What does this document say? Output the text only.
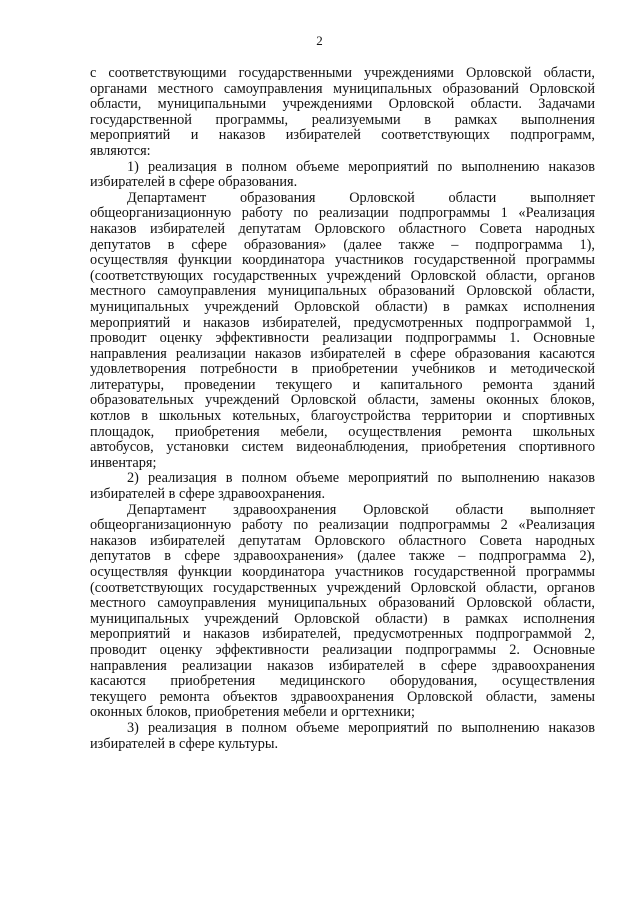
2
с соответствующими государственными учреждениями Орловской области,
органами местного самоуправления муниципальных образований Орловской
области, муниципальными учреждениями Орловской области. Задачами
государственной программы, реализуемыми в рамках выполнения
мероприятий и наказов избирателей соответствующих подпрограмм,
являются:
1) реализация в полном объеме мероприятий по выполнению наказов
избирателей в сфере образования.
Департамент образования Орловской области выполняет
общеорганизационную работу по реализации подпрограммы 1 «Реализация
наказов избирателей депутатам Орловского областного Совета народных
депутатов в сфере образования» (далее также – подпрограмма 1),
осуществляя функции координатора участников государственной программы
(соответствующих государственных учреждений Орловской области, органов
местного самоуправления муниципальных образований Орловской области,
муниципальных учреждений Орловской области) в рамках исполнения
мероприятий и наказов избирателей, предусмотренных подпрограммой 1,
проводит оценку эффективности реализации подпрограммы 1. Основные
направления реализации наказов избирателей в сфере образования касаются
удовлетворения потребности в приобретении учебников и методической
литературы, проведении текущего и капитального ремонта зданий
образовательных учреждений Орловской области, замены оконных блоков,
котлов в школьных котельных, благоустройства территории и спортивных
площадок, приобретения мебели, осуществления ремонта школьных
автобусов, установки систем видеонаблюдения, приобретения спортивного
инвентаря;
2) реализация в полном объеме мероприятий по выполнению наказов
избирателей в сфере здравоохранения.
Департамент здравоохранения Орловской области выполняет
общеорганизационную работу по реализации подпрограммы 2 «Реализация
наказов избирателей депутатам Орловского областного Совета народных
депутатов в сфере здравоохранения» (далее также – подпрограмма 2),
осуществляя функции координатора участников государственной программы
(соответствующих государственных учреждений Орловской области, органов
местного самоуправления муниципальных образований Орловской области,
муниципальных учреждений Орловской области) в рамках исполнения
мероприятий и наказов избирателей, предусмотренных подпрограммой 2,
проводит оценку эффективности реализации подпрограммы 2. Основные
направления реализации наказов избирателей в сфере здравоохранения
касаются приобретения медицинского оборудования, осуществления
текущего ремонта объектов здравоохранения Орловской области, замены
оконных блоков, приобретения мебели и оргтехники;
3) реализация в полном объеме мероприятий по выполнению наказов
избирателей в сфере культуры.
